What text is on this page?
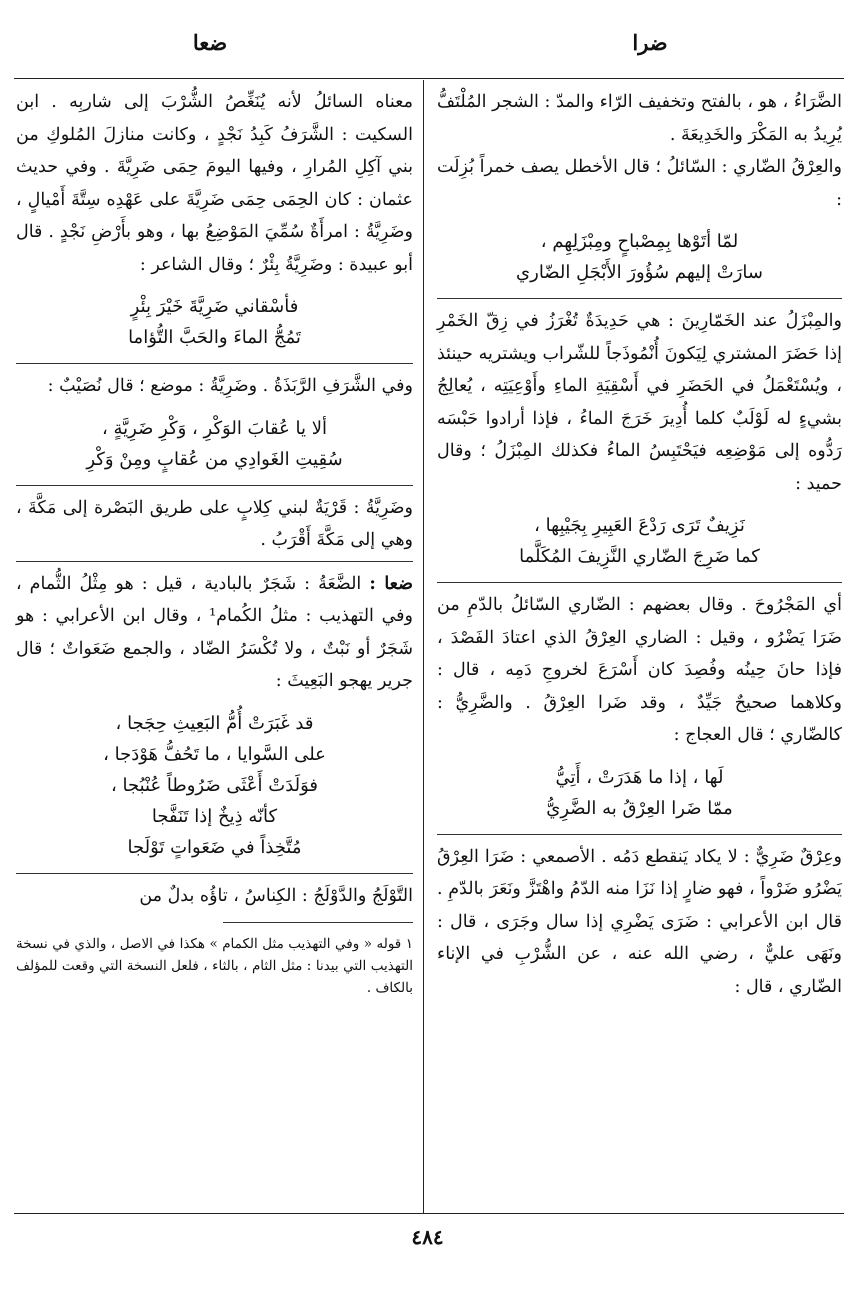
ضرا
ضعا

الضَّرَاءُ ، هو ، بالفتح وتخفيف الرّاء والمدّ : الشجر المُلْتَفُّ يُرِيدُ به المَكْرَ والخَدِيعَةَ .

والعِرْقُ الضّاري : السّائلُ ؛ قال الأخطل يصف خمراً بُزِلَت :

لمّا أتَوْها بِمِصْباحٍ ومِبْزَلِهِم ،
سارَتْ إليهم سُؤُورَ الأَبْجَلِ الضّاري

والمِبْزَلُ عند الخَمّارِينَ : هي حَدِيدَةٌ تُغْرَزُ في زِقّ الخَمْرِ إذا حَضَرَ المشتري لِيَكونَ أُنْمُوذَجاً للشّراب ويشتريه حينئذ ، ويُسْتَعْمَلُ في الحَضَرِ في أَسْقِيَةِ الماءِ وأَوْعِيَتِه ، يُعالِجُ بشيءٍ له لَوْلَبٌ كلما أُدِيرَ خَرَجَ الماءُ ، فإذا أرادوا حَبْسَه رَدُّوه إلى مَوْضِعِه فيَحْتَبِسُ الماءُ فكذلك المِبْزَلُ ؛ وقال حميد :

نَزِيفٌ تَرَى رَدْعَ العَبِيرِ بِجَيْبِها ،
كما ضَرِجَ الضّاري النَّزِيفَ المُكَلَّما

أي المَجْرُوحَ . وقال بعضهم : الضّاري السّائلُ بالدّمِ من ضَرَا يَضْرُو ، وقيل : الضاري العِرْقُ الذي اعتادَ الفَصْدَ ، فإذا حانَ حِينُه وفُصِدَ كان أَسْرَعَ لخروجِ دَمِه ، قال : وكلاهما صحيحٌ جَيِّدٌ ، وقد ضَرا العِرْقُ . والضَّرِيُّ : كالضّاري ؛ قال العجاج :

لَها ، إذا ما هَدَرَتْ ، أَتِيُّ
ممّا ضَرا العِرْقُ به الضَّرِيُّ

وعِرْقٌ ضَرِيٌّ : لا يكاد يَنقطع دَمُه . الأصمعي : ضَرَا العِرْقُ يَضْرُو ضَرْواً ، فهو ضارٍ إذا نَزَا منه الدّمُ واهْتَزَّ ونَعَرَ بالدّمِ . قال ابن الأعرابي : ضَرَى يَضْرِي إذا سال وجَرَى ، قال : ونَهَى عليٌّ ، رضي الله عنه ، عن الشُّرْبِ في الإناء الضّاري ، قال :

معناه السائلُ لأنه يُنَغِّصُ الشُّرْبَ إلى شاربِه . ابن السكيت : الشَّرَفُ كَبِدُ نَجْدٍ ، وكانت منازلَ المُلوكِ من بني آكِلِ المُرارِ ، وفيها اليومَ حِمَى ضَرِيَّةَ . وفي حديث عثمان : كان الحِمَى حِمَى ضَرِيَّةَ على عَهْدِه سِتَّةَ أَمْيالٍ ، وضَرِيَّةُ : امرأَةٌ سُمِّيَ المَوْضِعُ بها ، وهو بأَرْضِ نَجْدٍ . قال أبو عبيدة : وضَرِيَّةُ بِئْرٌ ؛ وقال الشاعر :

فأسْقاني ضَرِيَّةَ خَيْرَ بِئْرٍ
تَمُجُّ الماءَ والحَبَّ التُّؤاما

وفي الشَّرَفِ الرَّبَذَةُ . وضَرِيَّةُ : موضع ؛ قال نُصَيْبٌ :

ألا يا عُقابَ الوَكْرِ ، وَكْرِ ضَرِيَّةٍ ،
سُقِيتِ الغَوادِي من عُقابٍ ومِنْ وَكْرِ

وضَرِيَّةُ : قَرْيَةٌ لبني كِلابٍ على طريق البَصْرة إلى مَكَّةَ ، وهي إلى مَكَّةَ أَقْرَبُ .

ضعا : الضَّعَةُ : شَجَرٌ بالبادية ، قيل : هو مِثْلُ الثُّمام ، وفي التهذيب : مثلُ الكُمام¹ ، وقال ابن الأعرابي : هو شَجَرٌ أو نَبْتٌ ، ولا تُكْسَرُ الضّاد ، والجمع ضَعَواتٌ ؛ قال جرير يهجو البَعِيثَ :

قد غَبَرَتْ أُمُّ البَعِيثِ حِجَجا ،
على السَّوايا ، ما تَحُفُّ هَوْدَجا ،
فوَلَدَتْ أَعْثَى ضَرُوطاً عُنْبُجا ،
كأنّه ذِيخٌ إذا تَنَفَّجا
مُتَّخِذاً في ضَعَواتٍ تَوْلَجا

التَّوْلَجُ والدَّوْلَجُ : الكِناسُ ، تاؤُه بدلٌ من

١ قوله « وفي التهذيب مثل الكمام » هكذا في الاصل ، والذي في نسخة التهذيب التي بيدنا : مثل الثام ، بالثاء ، فلعل النسخة التي وقعت للمؤلف بالكاف .

٤٨٤
